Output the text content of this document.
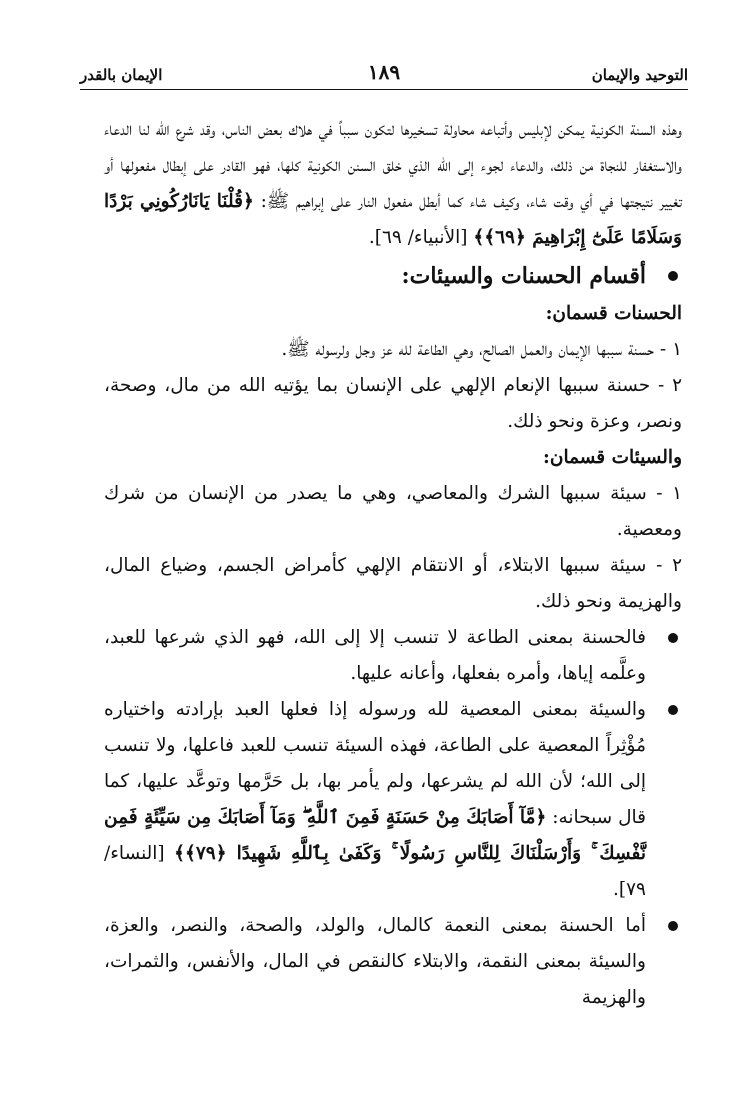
التوحيد والإيمان
١٨٩
الإيمان بالقدر

وهذه السنة الكونية يمكن لإبليس وأتباعه محاولة تسخيرها لتكون سبباً في هلاك بعض الناس، وقد شرع الله لنا الدعاء والاستغفار للنجاة من ذلك، والدعاء لجوء إلى الله الذي خلق السنن الكونية كلها، فهو القادر على إبطال مفعولها أو تغيير نتيجتها في أي وقت شاء، وكيف شاء كما أبطل مفعول النار على إبراهيم ﷺ: ﴿قُلْنَا يَانَارُكُونِي بَرْدًا وَسَلَامًا عَلَىٰٓ إِبْرَاهِيمَ ﴿٦٩﴾﴾ [الأنبياء/ ٦٩].

أقسام الحسنات والسيئات:

الحسنات قسمان:

١ - حسنة سببها الإيمان والعمل الصالح، وهي الطاعة لله عز وجل ولرسوله ﷺ.

٢ - حسنة سببها الإنعام الإلهي على الإنسان بما يؤتيه الله من مال، وصحة، ونصر، وعزة ونحو ذلك.

والسيئات قسمان:

١ - سيئة سببها الشرك والمعاصي، وهي ما يصدر من الإنسان من شرك ومعصية.

٢ - سيئة سببها الابتلاء، أو الانتقام الإلهي كأمراض الجسم، وضياع المال، والهزيمة ونحو ذلك.

فالحسنة بمعنى الطاعة لا تنسب إلا إلى الله، فهو الذي شرعها للعبد، وعلَّمه إياها، وأمره بفعلها، وأعانه عليها.

والسيئة بمعنى المعصية لله ورسوله إذا فعلها العبد بإرادته واختياره مُؤْثِراً المعصية على الطاعة، فهذه السيئة تنسب للعبد فاعلها، ولا تنسب إلى الله؛ لأن الله لم يشرعها، ولم يأمر بها، بل حَرَّمها وتوعَّد عليها، كما قال سبحانه: ﴿مَّآ أَصَابَكَ مِنْ حَسَنَةٍ فَمِنَ ٱللَّهِ ۖ وَمَآ أَصَابَكَ مِن سَيِّئَةٍ فَمِن نَّفْسِكَ ۚ وَأَرْسَلْنَاكَ لِلنَّاسِ رَسُولًا ۚ وَكَفَىٰ بِٱللَّهِ شَهِيدًا ﴿٧٩﴾﴾ [النساء/ ٧٩].

أما الحسنة بمعنى النعمة كالمال، والولد، والصحة، والنصر، والعزة، والسيئة بمعنى النقمة، والابتلاء كالنقص في المال، والأنفس، والثمرات، والهزيمة
